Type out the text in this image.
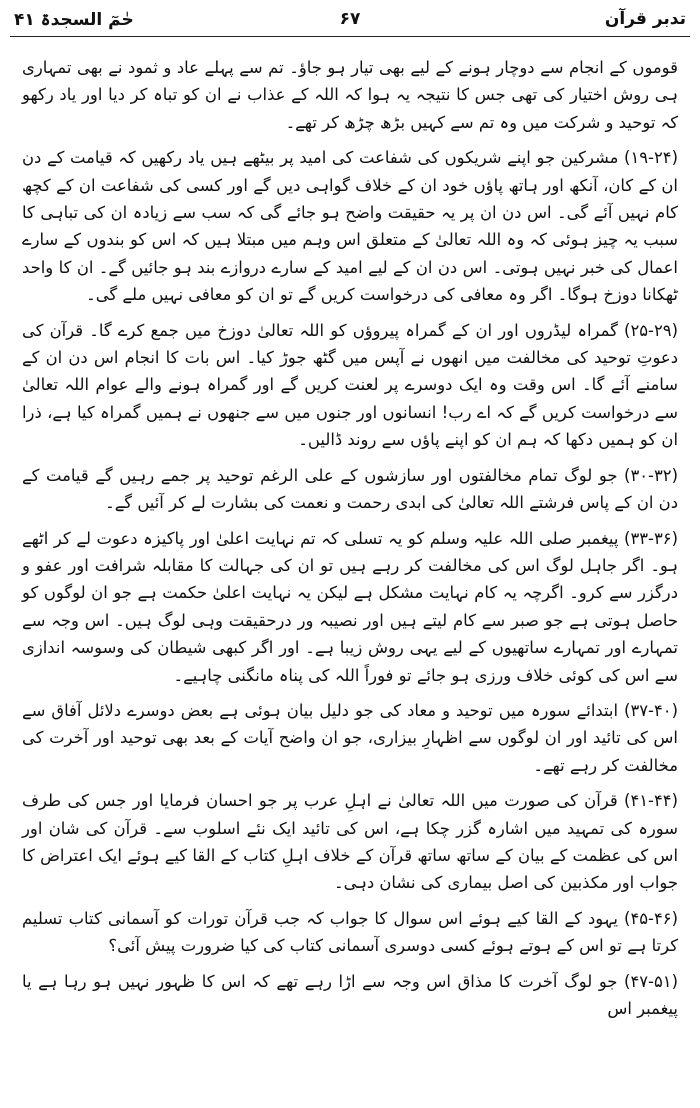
حٰمٓ السجدۃ ۴۱	۶۷	تدبر قرآن

قوموں کے انجام سے دوچار ہونے کے لیے بھی تیار ہو جاؤ۔ تم سے پہلے عاد و ثمود نے بھی تمہاری ہی روش اختیار کی تھی جس کا نتیجہ یہ ہوا کہ اللہ کے عذاب نے ان کو تباہ کر دیا اور یاد رکھو کہ توحید و شرکت میں وہ تم سے کہیں بڑھ چڑھ کر تھے۔

(۱۹-۲۴) مشرکین جو اپنے شریکوں کی شفاعت کی امید پر بیٹھے ہیں یاد رکھیں کہ قیامت کے دن ان کے کان، آنکھ اور ہاتھ پاؤں خود ان کے خلاف گواہی دیں گے اور کسی کی شفاعت ان کے کچھ کام نہیں آئے گی۔ اس دن ان پر یہ حقیقت واضح ہو جائے گی کہ سب سے زیادہ ان کی تباہی کا سبب یہ چیز ہوئی کہ وہ اللہ تعالیٰ کے متعلق اس وہم میں مبتلا ہیں کہ اس کو بندوں کے سارے اعمال کی خبر نہیں ہوتی۔ اس دن ان کے لیے امید کے سارے دروازے بند ہو جائیں گے۔ ان کا واحد ٹھکانا دوزخ ہوگا۔ اگر وہ معافی کی درخواست کریں گے تو ان کو معافی نہیں ملے گی۔

(۲۵-۲۹) گمراہ لیڈروں اور ان کے گمراہ پیروؤں کو اللہ تعالیٰ دوزخ میں جمع کرے گا۔ قرآن کی دعوتِ توحید کی مخالفت میں انھوں نے آپس میں گٹھ جوڑ کیا۔ اس بات کا انجام اس دن ان کے سامنے آئے گا۔ اس وقت وہ ایک دوسرے پر لعنت کریں گے اور گمراہ ہونے والے عوام اللہ تعالیٰ سے درخواست کریں گے کہ اے رب! انسانوں اور جنوں میں سے جنھوں نے ہمیں گمراہ کیا ہے، ذرا ان کو ہمیں دکھا کہ ہم ان کو اپنے پاؤں سے روند ڈالیں۔

(۳۰-۳۲) جو لوگ تمام مخالفتوں اور سازشوں کے علی الرغم توحید پر جمے رہیں گے قیامت کے دن ان کے پاس فرشتے اللہ تعالیٰ کی ابدی رحمت و نعمت کی بشارت لے کر آئیں گے۔

(۳۳-۳۶) پیغمبر صلی اللہ علیہ وسلم کو یہ تسلی کہ تم نہایت اعلیٰ اور پاکیزہ دعوت لے کر اٹھے ہو۔ اگر جاہل لوگ اس کی مخالفت کر رہے ہیں تو ان کی جہالت کا مقابلہ شرافت اور عفو و درگزر سے کرو۔ اگرچہ یہ کام نہایت مشکل ہے لیکن یہ نہایت اعلیٰ حکمت ہے جو ان لوگوں کو حاصل ہوتی ہے جو صبر سے کام لیتے ہیں اور نصیبہ ور درحقیقت وہی لوگ ہیں۔ اس وجہ سے تمہارے اور تمہارے ساتھیوں کے لیے یہی روش زیبا ہے۔ اور اگر کبھی شیطان کی وسوسہ اندازی سے اس کی کوئی خلاف ورزی ہو جائے تو فوراً اللہ کی پناہ مانگنی چاہیے۔

(۳۷-۴۰) ابتدائے سورہ میں توحید و معاد کی جو دلیل بیان ہوئی ہے بعض دوسرے دلائل آفاق سے اس کی تائید اور ان لوگوں سے اظہارِ بیزاری، جو ان واضح آیات کے بعد بھی توحید اور آخرت کی مخالفت کر رہے تھے۔

(۴۱-۴۴) قرآن کی صورت میں اللہ تعالیٰ نے اہلِ عرب پر جو احسان فرمایا اور جس کی طرف سورہ کی تمہید میں اشارہ گزر چکا ہے، اس کی تائید ایک نئے اسلوب سے۔ قرآن کی شان اور اس کی عظمت کے بیان کے ساتھ ساتھ قرآن کے خلاف اہلِ کتاب کے القا کیے ہوئے ایک اعتراض کا جواب اور مکذبین کی اصل بیماری کی نشان دہی۔

(۴۵-۴۶) یہود کے القا کیے ہوئے اس سوال کا جواب کہ جب قرآن تورات کو آسمانی کتاب تسلیم کرتا ہے تو اس کے ہوتے ہوئے کسی دوسری آسمانی کتاب کی کیا ضرورت پیش آئی؟

(۴۷-۵۱) جو لوگ آخرت کا مذاق اس وجہ سے اڑا رہے تھے کہ اس کا ظہور نہیں ہو رہا ہے یا پیغمبر اس
